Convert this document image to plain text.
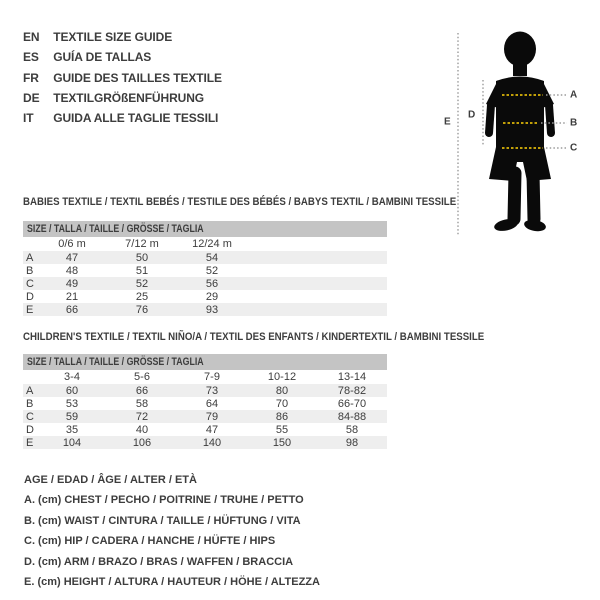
EN TEXTILE SIZE GUIDE
ES GUÍA DE TALLAS
FR GUIDE DES TAILLES TEXTILE
DE TEXTILGRÖßENFÜHRUNG
IT GUIDA ALLE TAGLIE TESSILI
A
B
C
D
E
BABIES TEXTILE / TEXTIL BEBÉS / TESTILE DES BÉBÉS / BABYS TEXTIL / BAMBINI TESSILE
SIZE / TALLA / TAILLE / GRÖSSE / TAGLIA
	0/6 m	7/12 m	12/24 m		
A	47	50	54		
B	48	51	52		
C	49	52	56		
D	21	25	29		
E	66	76	93		
CHILDREN'S TEXTILE / TEXTIL NIÑO/A / TEXTIL DES ENFANTS / KINDERTEXTIL / BAMBINI TESSILE
SIZE / TALLA / TAILLE / GRÖSSE / TAGLIA
	3-4	5-6	7-9	10-12	13-14
A	60	66	73	80	78-82
B	53	58	64	70	66-70
C	59	72	79	86	84-88
D	35	40	47	55	58
E	104	106	140	150	98
AGE / EDAD / ÂGE / ALTER / ETÀ
A. (cm) CHEST / PECHO / POITRINE / TRUHE / PETTO
B. (cm) WAIST / CINTURA / TAILLE / HÜFTUNG / VITA
C. (cm) HIP / CADERA / HANCHE / HÜFTE / HIPS
D. (cm) ARM / BRAZO / BRAS / WAFFEN / BRACCIA
E. (cm) HEIGHT / ALTURA / HAUTEUR / HÖHE / ALTEZZA
